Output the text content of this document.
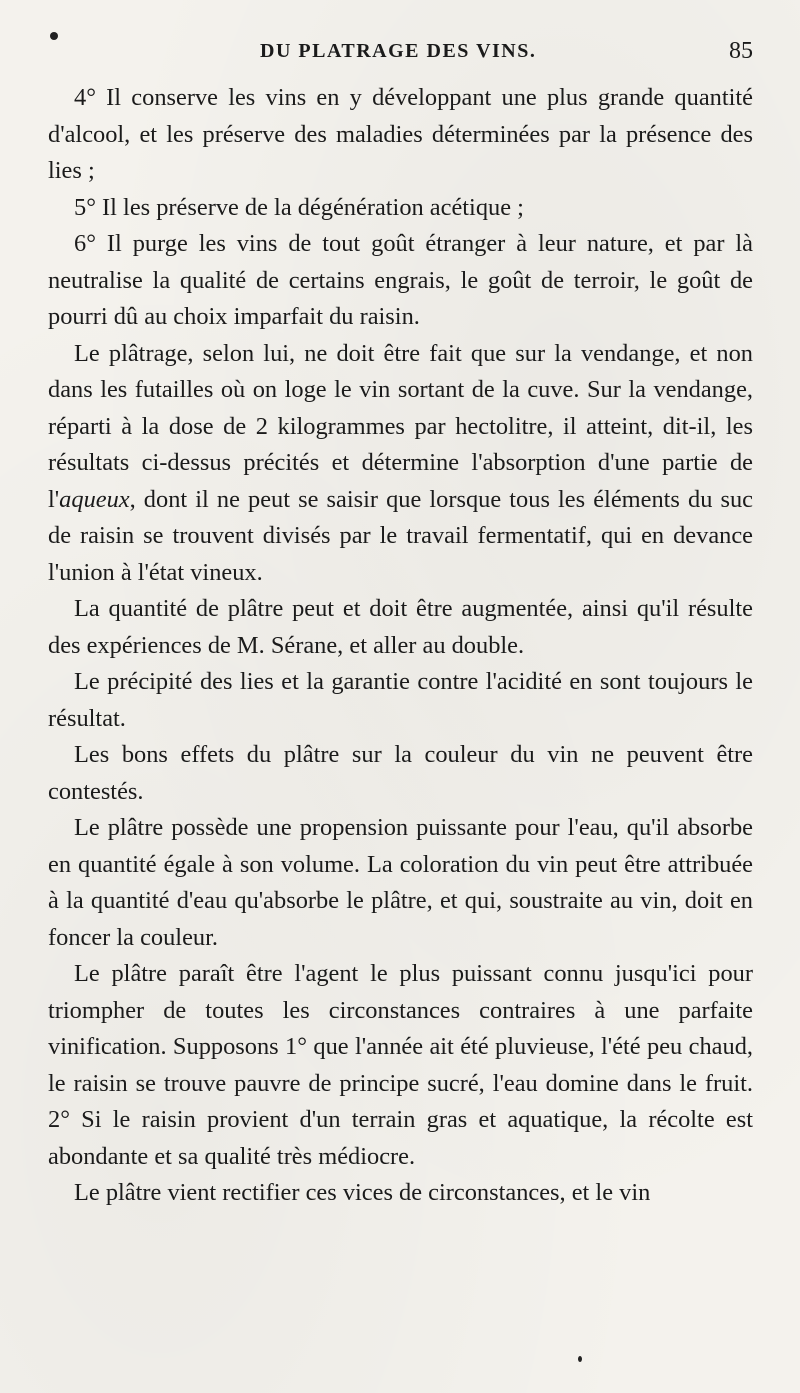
DU PLATRAGE DES VINS.	85

4° Il conserve les vins en y développant une plus grande quantité d'alcool, et les préserve des maladies déterminées par la présence des lies ;

5° Il les préserve de la dégénération acétique ;

6° Il purge les vins de tout goût étranger à leur nature, et par là neutralise la qualité de certains engrais, le goût de terroir, le goût de pourri dû au choix imparfait du raisin.

Le plâtrage, selon lui, ne doit être fait que sur la vendange, et non dans les futailles où on loge le vin sortant de la cuve. Sur la vendange, réparti à la dose de 2 kilogrammes par hectolitre, il atteint, dit-il, les résultats ci-dessus précités et détermine l'absorption d'une partie de l'aqueux, dont il ne peut se saisir que lorsque tous les éléments du suc de raisin se trouvent divisés par le travail fermentatif, qui en devance l'union à l'état vineux.

La quantité de plâtre peut et doit être augmentée, ainsi qu'il résulte des expériences de M. Sérane, et aller au double.

Le précipité des lies et la garantie contre l'acidité en sont toujours le résultat.

Les bons effets du plâtre sur la couleur du vin ne peuvent être contestés.

Le plâtre possède une propension puissante pour l'eau, qu'il absorbe en quantité égale à son volume. La coloration du vin peut être attribuée à la quantité d'eau qu'absorbe le plâtre, et qui, soustraite au vin, doit en foncer la couleur.

Le plâtre paraît être l'agent le plus puissant connu jusqu'ici pour triompher de toutes les circonstances contraires à une parfaite vinification. Supposons 1° que l'année ait été pluvieuse, l'été peu chaud, le raisin se trouve pauvre de principe sucré, l'eau domine dans le fruit. 2° Si le raisin provient d'un terrain gras et aquatique, la récolte est abondante et sa qualité très médiocre.

Le plâtre vient rectifier ces vices de circonstances, et le vin
